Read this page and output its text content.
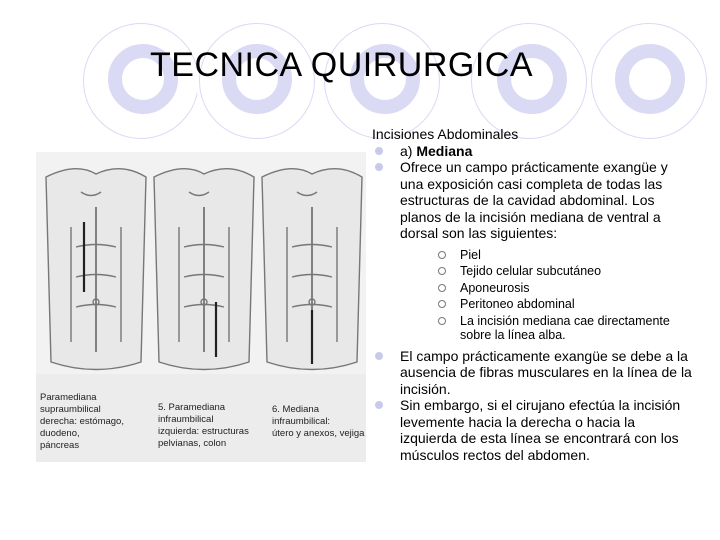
TECNICA QUIRURGICA
Paramediana supraumbilical
derecha: estómago, duodeno,
páncreas
5. Paramediana infraumbilical
izquierda: estructuras
pelvianas, colon
6. Mediana infraumbilical:
útero y anexos, vejiga

Incisiones Abdominales

a) Mediana
Ofrece un campo prácticamente exangüe y una exposición casi completa de todas las estructuras de la cavidad abdominal. Los planos de la incisión mediana de ventral a dorsal son las siguientes:
Piel
Tejido celular subcutáneo
Aponeurosis
Peritoneo abdominal
La incisión mediana cae directamente sobre la línea alba.
El campo prácticamente exangüe se debe a la ausencia de fibras musculares en la línea de la incisión.
Sin embargo, si el cirujano efectúa la incisión levemente hacia la derecha o hacia la izquierda de esta línea se encontrará con los músculos rectos del abdomen.
